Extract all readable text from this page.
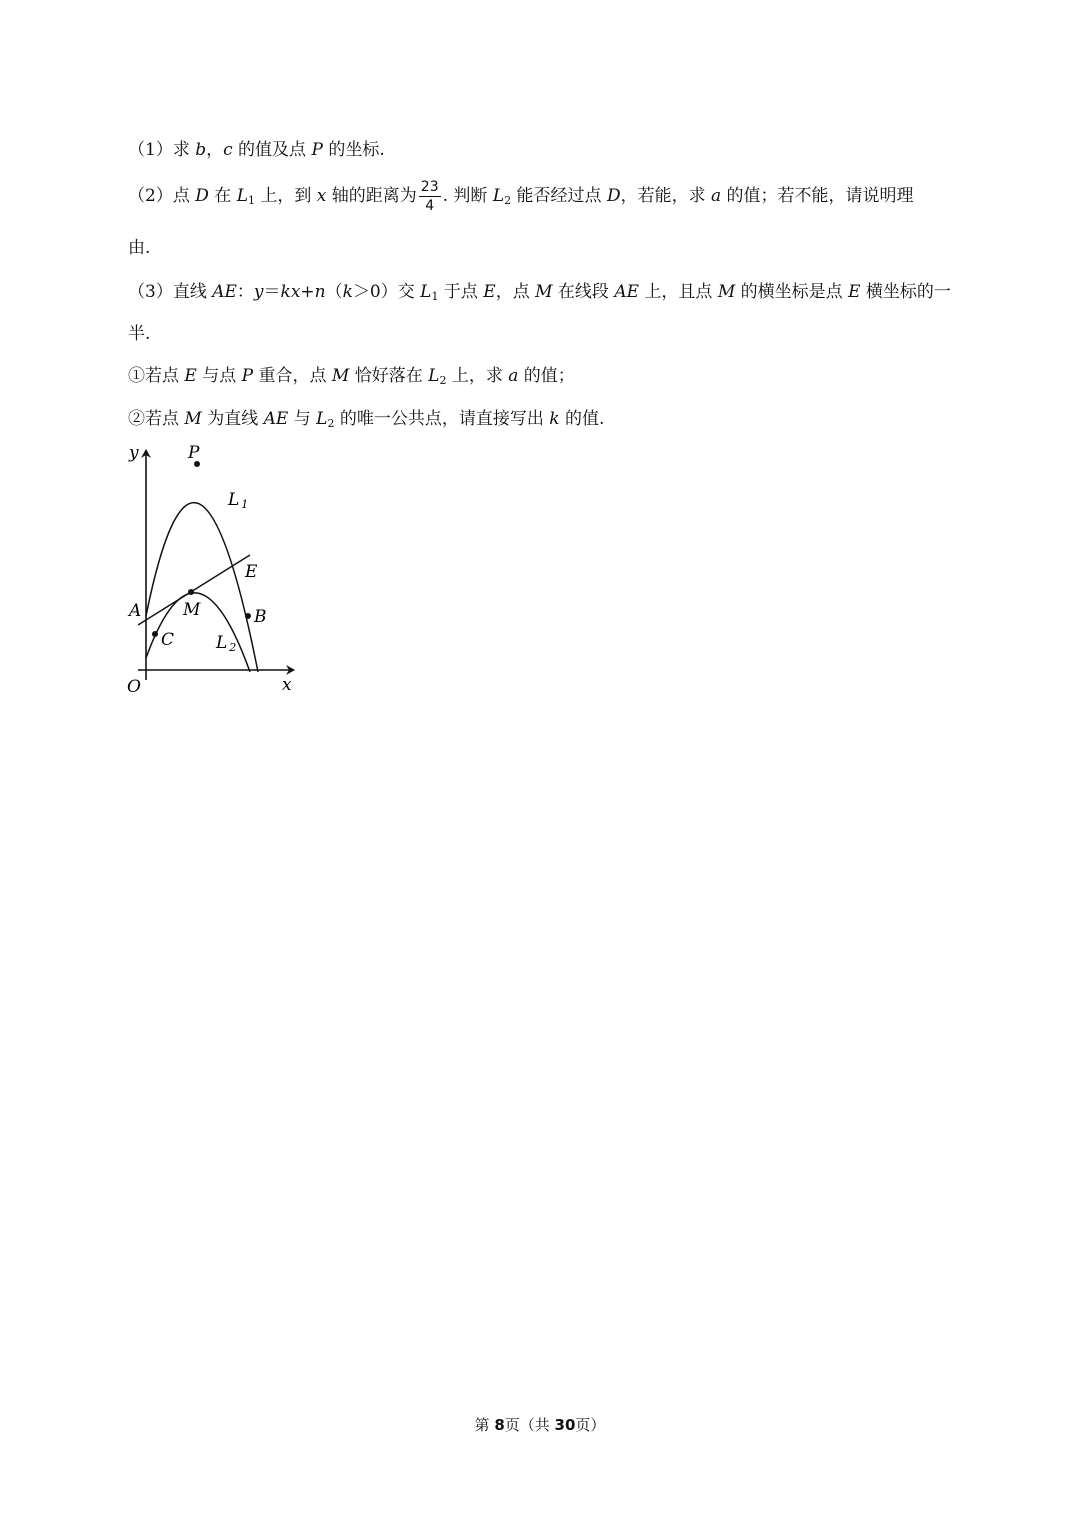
（1）求 b，c 的值及点 P 的坐标.
（2）点 D 在 $L_1$ 上，到 x 轴的距离为 $\frac{23}{4}$ . 判断 $L_2$ 能否经过点 D，若能，求 a 的值；若不能，请说明理
由.
（3）直线 AE：y＝kx+n（k＞0）交 $L_1$ 于点 E，点 M 在线段 AE 上，且点 M 的横坐标是点 E 横坐标的一
半.
①若点 E 与点 P 重合，点 M 恰好落在 $L_2$ 上，求 a 的值；
②若点 M 为直线 AE 与 $L_2$ 的唯一公共点，请直接写出 k 的值.
y
x
O
P
L 1
E
A M	B
C L 2
第 8页（共 30页）
